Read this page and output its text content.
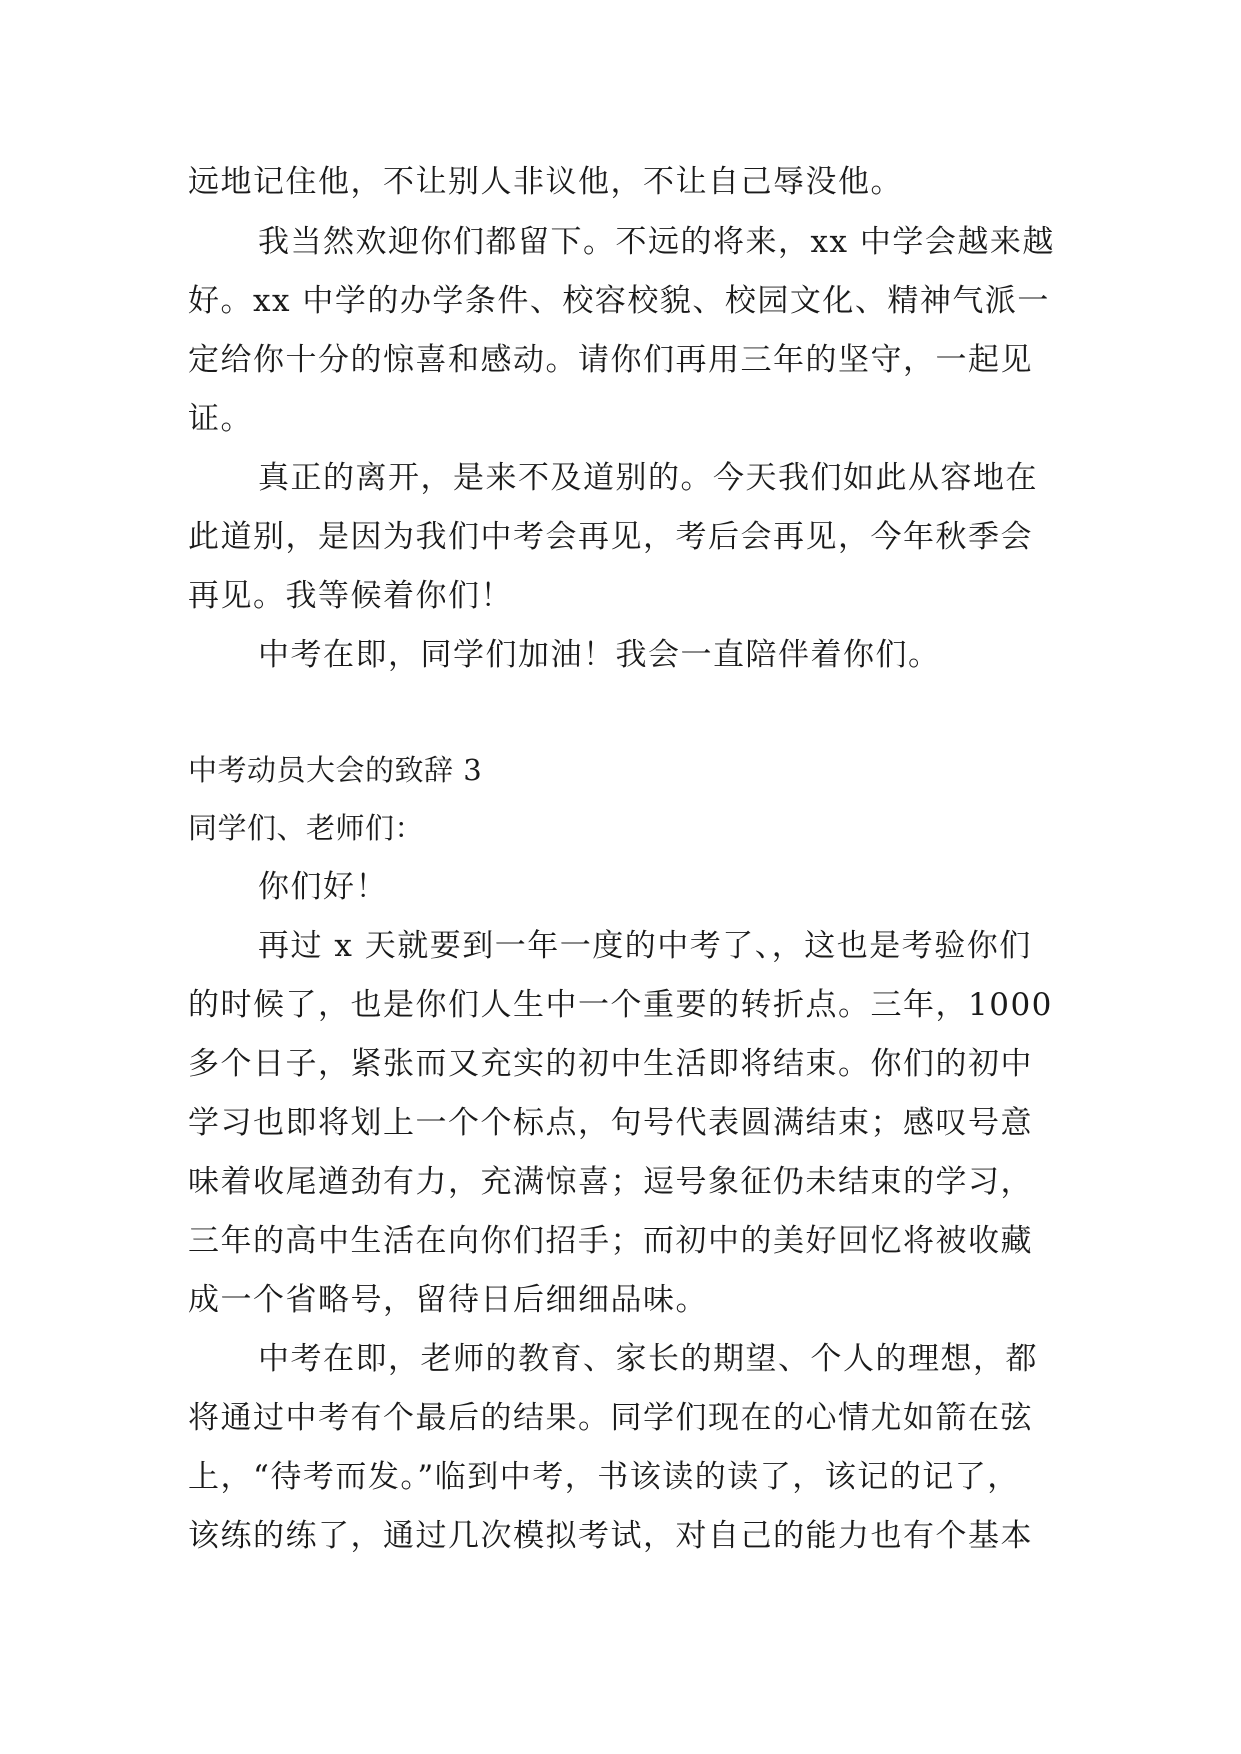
远地记住他，不让别人非议他，不让自己辱没他。
我当然欢迎你们都留下。不远的将来，xx 中学会越来越
好。xx 中学的办学条件、校容校貌、校园文化、精神气派一
定给你十分的惊喜和感动。请你们再用三年的坚守，一起见
证。
真正的离开，是来不及道别的。今天我们如此从容地在
此道别，是因为我们中考会再见，考后会再见，今年秋季会
再见。我等候着你们！
中考在即，同学们加油！我会一直陪伴着你们。
中考动员大会的致辞 3
同学们、老师们：
你们好！
再过 x 天就要到一年一度的中考了、，这也是考验你们
的时候了，也是你们人生中一个重要的转折点。三年，1000
多个日子，紧张而又充实的初中生活即将结束。你们的初中
学习也即将划上一个个标点，句号代表圆满结束；感叹号意
味着收尾遒劲有力，充满惊喜；逗号象征仍未结束的学习，
三年的高中生活在向你们招手；而初中的美好回忆将被收藏
成一个省略号，留待日后细细品味。
中考在即，老师的教育、家长的期望、个人的理想，都
将通过中考有个最后的结果。同学们现在的心情尤如箭在弦
上，“待考而发。”临到中考，书该读的读了，该记的记了，
该练的练了，通过几次模拟考试，对自己的能力也有个基本
